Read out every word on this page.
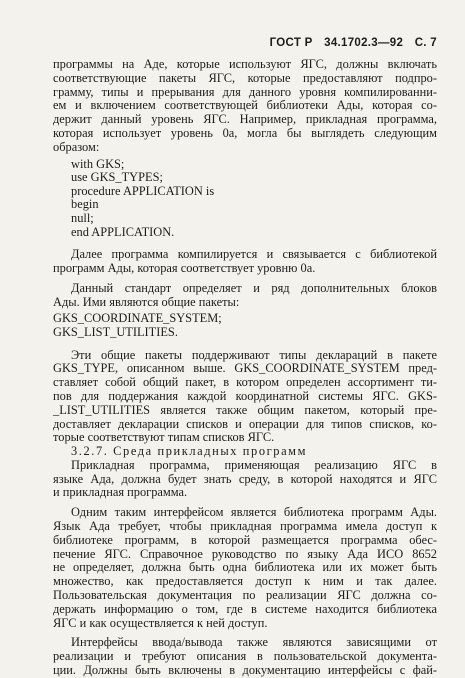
ГОСТ Р 34.1702.3—92 С. 7

программы на Аде, которые используют ЯГС, должны включать
соответствующие пакеты ЯГС, которые предоставляют подпро-
грамму, типы и прерывания для данного уровня компилированни-
ем и включением соответствующей библиотеки Ады, которая со-
держит данный уровень ЯГС. Например, прикладная программа,
которая использует уровень 0а, могла бы выглядеть следующим
образом:

with GKS;
use GKS_TYPES;
procedure APPLICATION is
begin
null;
end APPLICATION.

Далее программа компилируется и связывается с библиотекой
программ Ады, которая соответствует уровню 0а.

Данный стандарт определяет и ряд дополнительных блоков
Ады. Ими являются общие пакеты:

GKS_COORDINATE_SYSTEM;
GKS_LIST_UTILITIES.

Эти общие пакеты поддерживают типы деклараций в пакете
GKS_TYPE, описанном выше. GKS_COORDINATE_SYSTEM пред-
ставляет собой общий пакет, в котором определен ассортимент ти-
пов для поддержания каждой координатной системы ЯГС. GKS-
_LIST_UTILITIES является также общим пакетом, который пре-
доставляет декларации списков и операции для типов списков, ко-
торые соответствуют типам списков ЯГС.

3.2.7. Среда прикладных программ

Прикладная программа, применяющая реализацию ЯГС в
языке Ада, должна будет знать среду, в которой находятся и ЯГС
и прикладная программа.

Одним таким интерфейсом является библиотека программ Ады.
Язык Ада требует, чтобы прикладная программа имела доступ к
библиотеке программ, в которой размещается программа обес-
печение ЯГС. Справочное руководство по языку Ада ИСО 8652
не определяет, должна быть одна библиотека или их может быть
множество, как предоставляется доступ к ним и так далее.
Пользовательская документация по реализации ЯГС должна со-
держать информацию о том, где в системе находится библиотека
ЯГС и как осуществляется к ней доступ.

Интерфейсы ввода/вывода также являются зависящими от
реализации и требуют описания в пользовательской документа-
ции. Должны быть включены в документацию интерфейсы с фай-
